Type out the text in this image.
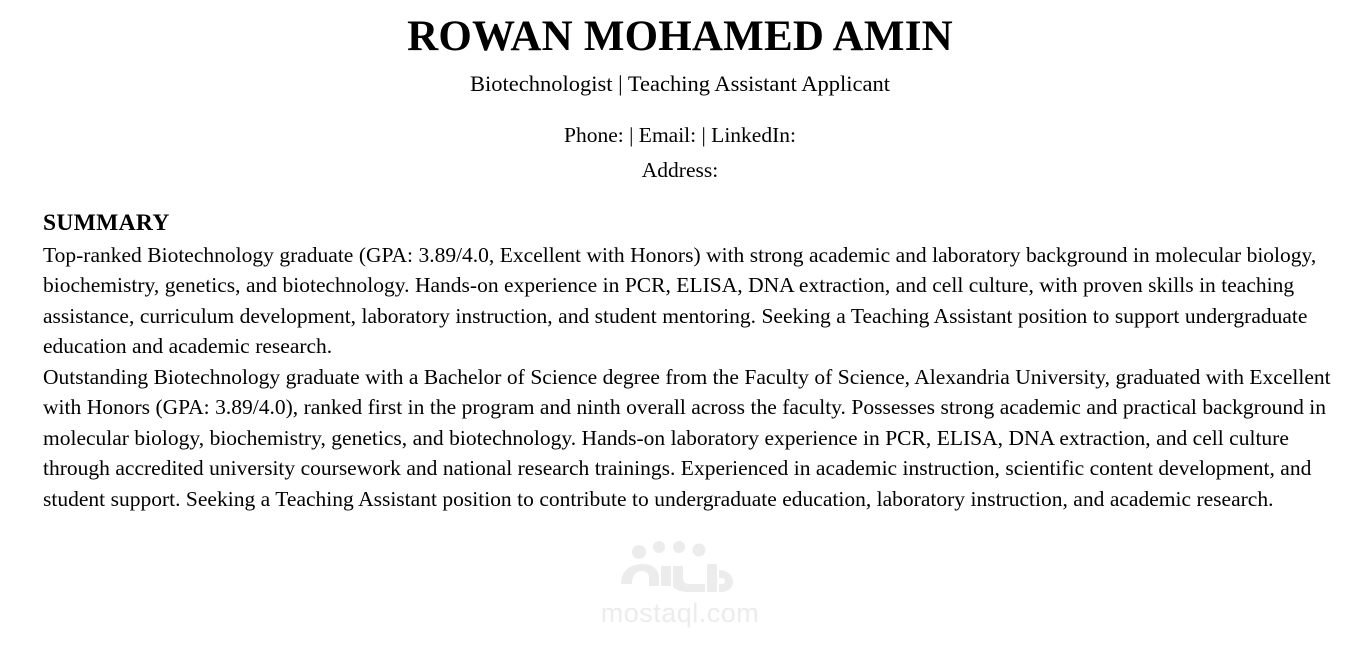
mostaql.com
ROWAN MOHAMED AMIN
Biotechnologist | Teaching Assistant Applicant
Phone: | Email: | LinkedIn:
Address:
SUMMARY

Top-ranked Biotechnology graduate (GPA: 3.89/4.0, Excellent with Honors) with strong academic and laboratory background in molecular biology, biochemistry, genetics, and biotechnology. Hands-on experience in PCR, ELISA, DNA extraction, and cell culture, with proven skills in teaching assistance, curriculum development, laboratory instruction, and student mentoring. Seeking a Teaching Assistant position to support undergraduate education and academic research.

Outstanding Biotechnology graduate with a Bachelor of Science degree from the Faculty of Science, Alexandria University, graduated with Excellent with Honors (GPA: 3.89/4.0), ranked first in the program and ninth overall across the faculty. Possesses strong academic and practical background in molecular biology, biochemistry, genetics, and biotechnology. Hands-on laboratory experience in PCR, ELISA, DNA extraction, and cell culture through accredited university coursework and national research trainings. Experienced in academic instruction, scientific content development, and student support. Seeking a Teaching Assistant position to contribute to undergraduate education, laboratory instruction, and academic research.
